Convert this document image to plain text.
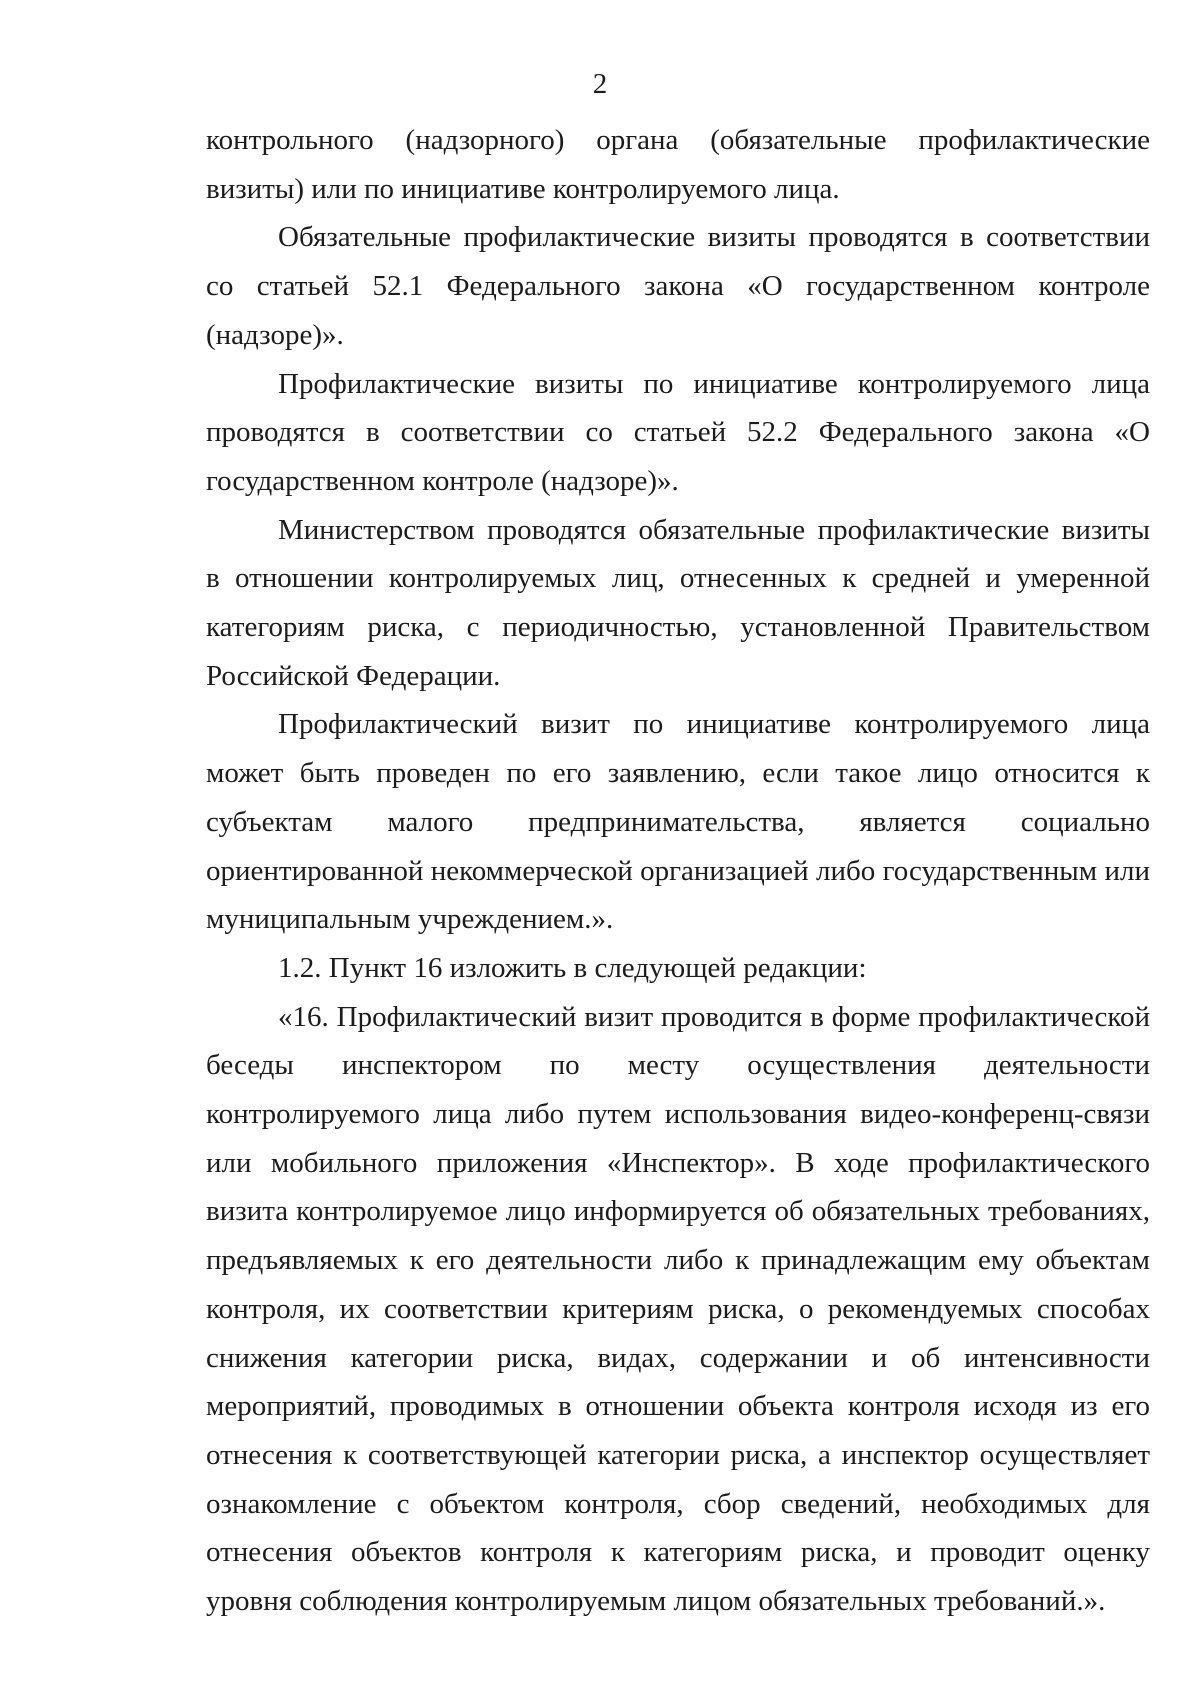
2

контрольного (надзорного) органа (обязательные профилактические визиты) или по инициативе контролируемого лица.

Обязательные профилактические визиты проводятся в соответствии со статьей 52.1 Федерального закона «О государственном контроле (надзоре)».

Профилактические визиты по инициативе контролируемого лица проводятся в соответствии со статьей 52.2 Федерального закона «О государственном контроле (надзоре)».

Министерством проводятся обязательные профилактические визиты в отношении контролируемых лиц, отнесенных к средней и умеренной категориям риска, с периодичностью, установленной Правительством Российской Федерации.

Профилактический визит по инициативе контролируемого лица может быть проведен по его заявлению, если такое лицо относится к субъектам малого предпринимательства, является социально ориентированной некоммерческой организацией либо государственным или муниципальным учреждением.».

1.2. Пункт 16 изложить в следующей редакции:

«16. Профилактический визит проводится в форме профилактической беседы инспектором по месту осуществления деятельности контролируемого лица либо путем использования видео-конференц-связи или мобильного приложения «Инспектор». В ходе профилактического визита контролируемое лицо информируется об обязательных требованиях, предъявляемых к его деятельности либо к принадлежащим ему объектам контроля, их соответствии критериям риска, о рекомендуемых способах снижения категории риска, видах, содержании и об интенсивности мероприятий, проводимых в отношении объекта контроля исходя из его отнесения к соответствующей категории риска, а инспектор осуществляет ознакомление с объектом контроля, сбор сведений, необходимых для отнесения объектов контроля к категориям риска, и проводит оценку уровня соблюдения контролируемым лицом обязательных требований.».
